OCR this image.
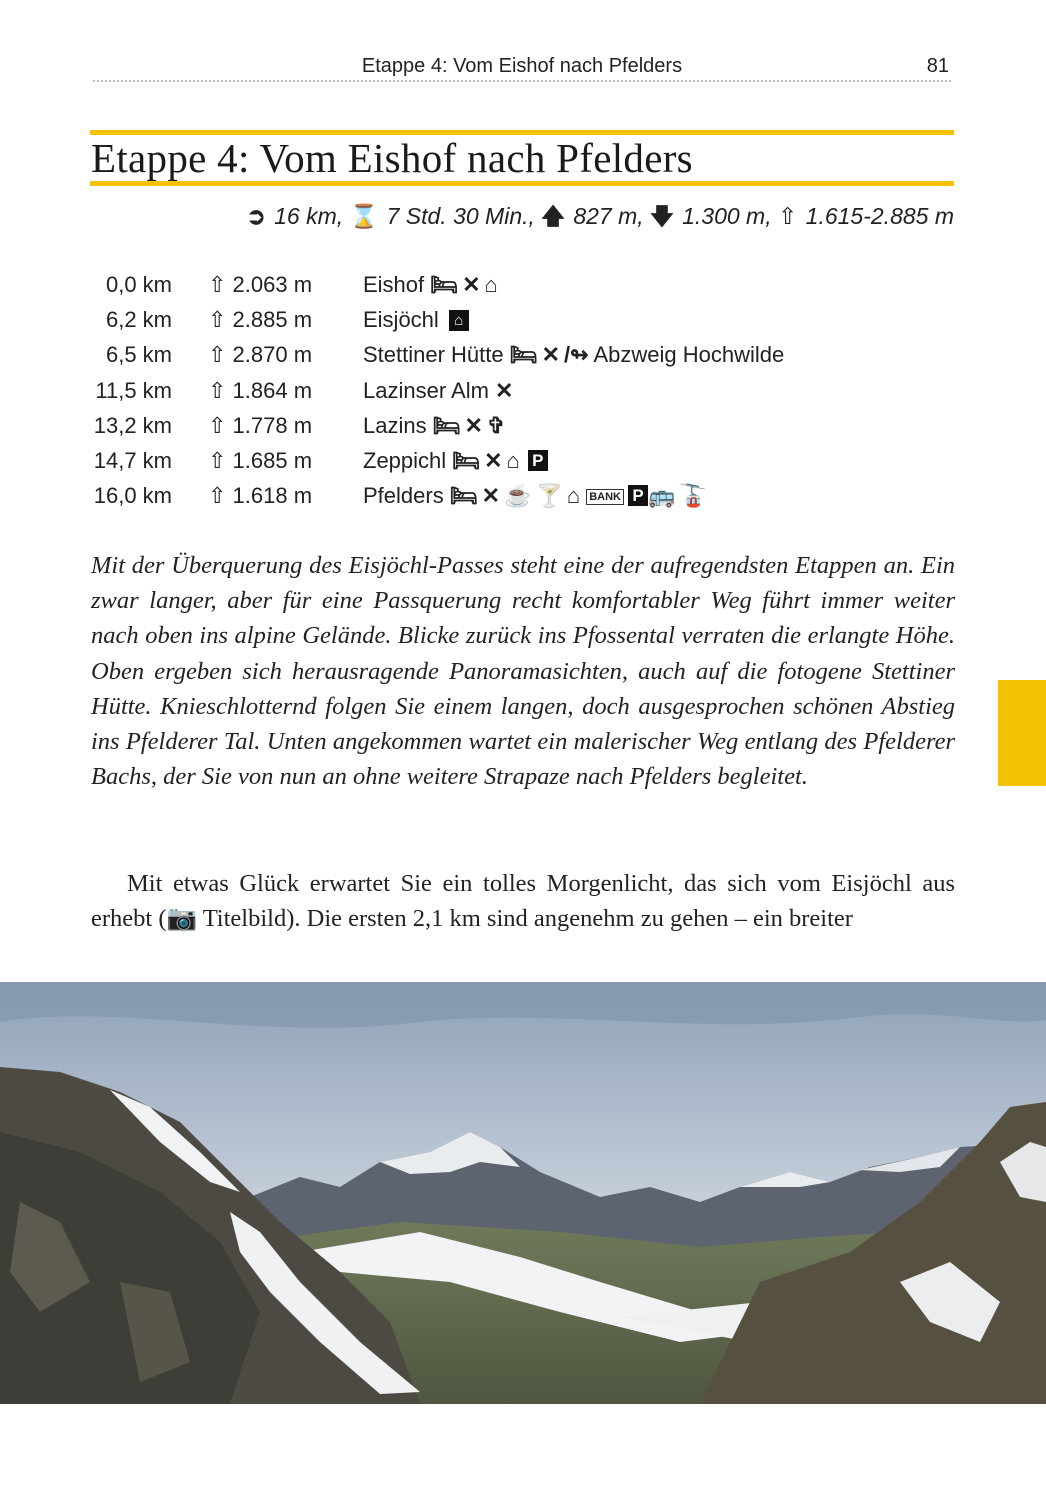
Etappe 4: Vom Eishof nach Pfelders	81
Etappe 4: Vom Eishof nach Pfelders
➲ 16 km, ⌛ 7 Std. 30 Min., 🡅 827 m, 🡇 1.300 m, ⇧ 1.615-2.885 m
0,0 km ⇧ 2.063 m Eishof 🛏✕⌂
6,2 km ⇧ 2.885 m Eisjöchl ⌂
6,5 km ⇧ 2.870 m Stettiner Hütte 🛏✕/↬ Abzweig Hochwilde
11,5 km ⇧ 1.864 m Lazinser Alm ✕
13,2 km ⇧ 1.778 m Lazins 🛏✕✞
14,7 km ⇧ 1.685 m Zeppichl 🛏✕⌂ P
16,0 km ⇧ 1.618 m Pfelders 🛏✕☕🍸⌂ BANK P 🚌🚡
Mit der Überquerung des Eisjöchl-Passes steht eine der aufregendsten Etappen an. Ein zwar langer, aber für eine Passquerung recht komfortabler Weg führt immer weiter nach oben ins alpine Gelände. Blicke zurück ins Pfossental verraten die erlangte Höhe. Oben ergeben sich herausragende Panoramasichten, auch auf die fotogene Stettiner Hütte. Knieschlotternd folgen Sie einem langen, doch ausgesprochen schönen Abstieg ins Pfelderer Tal. Unten angekommen wartet ein malerischer Weg entlang des Pfelderer Bachs, der Sie von nun an ohne weitere Strapaze nach Pfelders begleitet.
Mit etwas Glück erwartet Sie ein tolles Morgenlicht, das sich vom Eisjöchl aus erhebt (📷 Titelbild). Die ersten 2,1 km sind angenehm zu gehen – ein breiter
